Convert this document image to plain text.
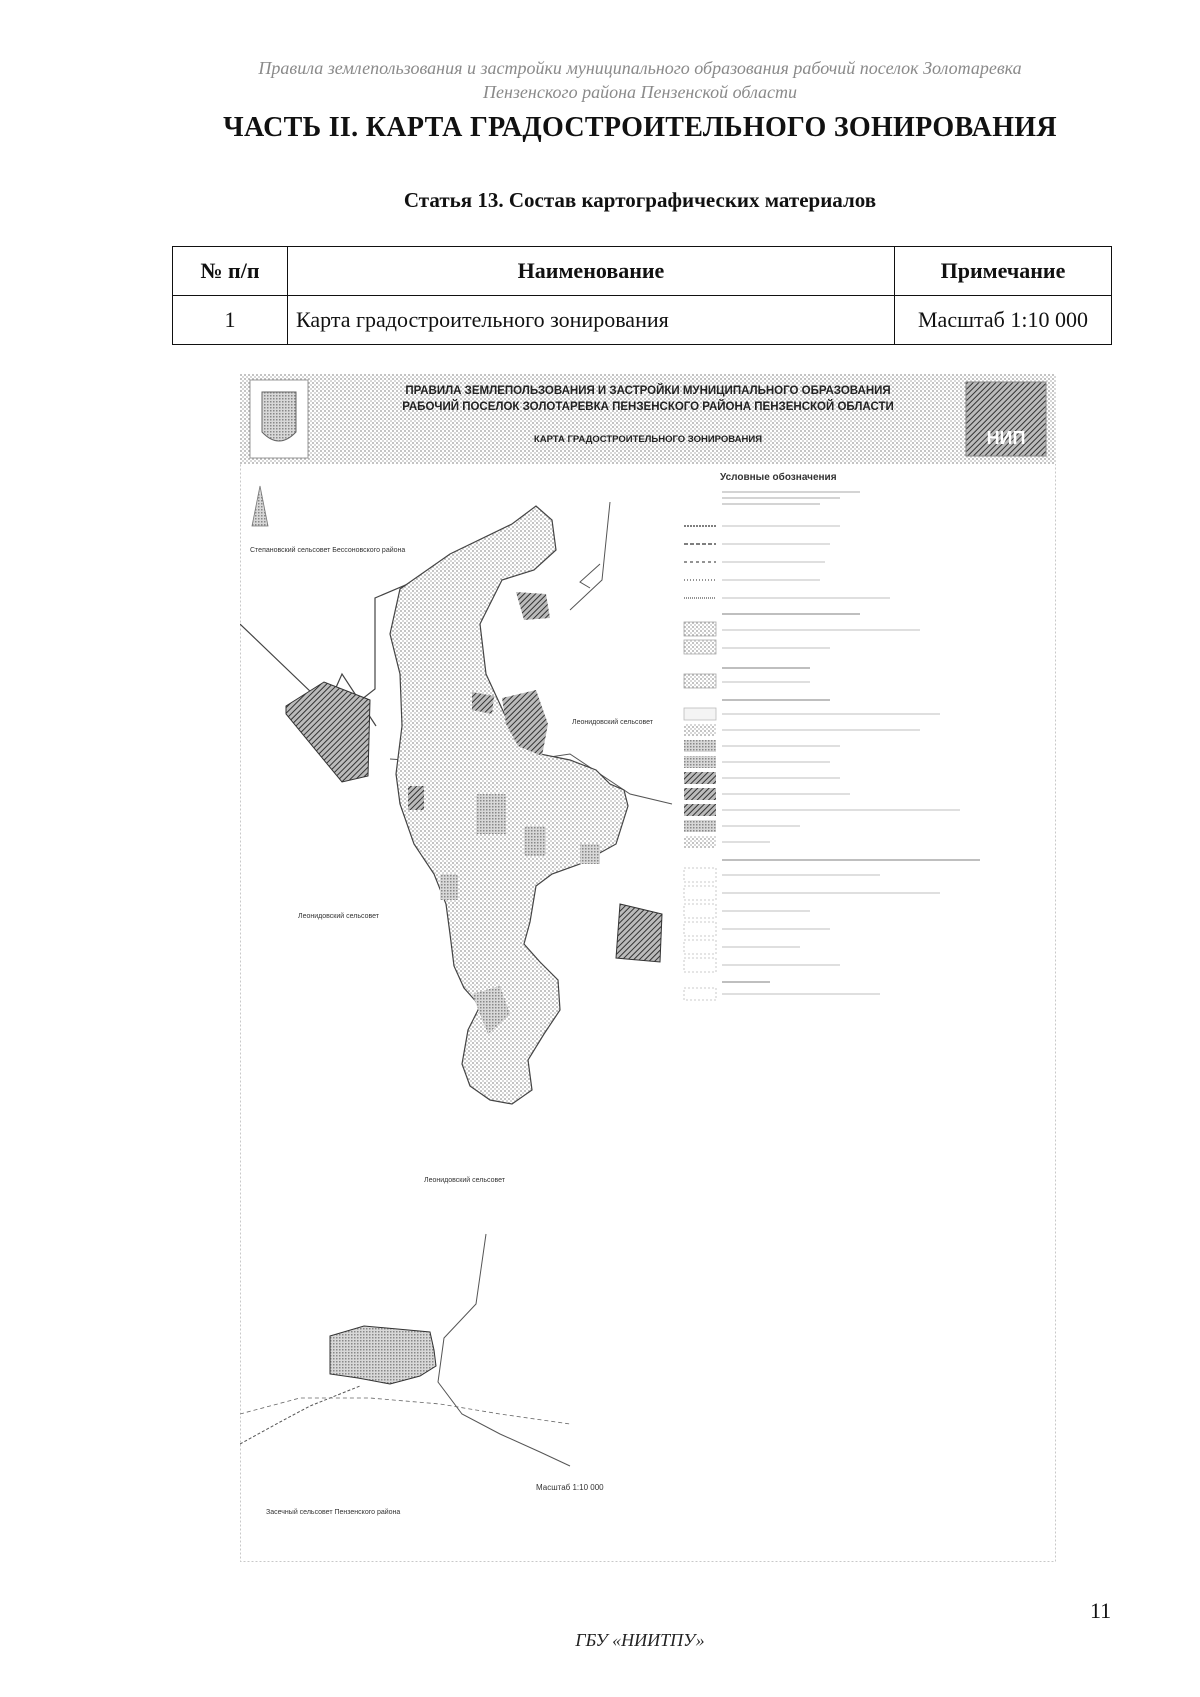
Правила землепользования и застройки муниципального образования рабочий поселок Золотаревка
Пензенского района Пензенской области
ЧАСТЬ II. КАРТА ГРАДОСТРОИТЕЛЬНОГО ЗОНИРОВАНИЯ
Статья 13. Состав картографических материалов
№ п/п	Наименование	Примечание
1	Карта градостроительного зонирования	Масштаб 1:10 000
НИП
ПРАВИЛА ЗЕМЛЕПОЛЬЗОВАНИЯ И ЗАСТРОЙКИ МУНИЦИПАЛЬНОГО ОБРАЗОВАНИЯ
РАБОЧИЙ ПОСЕЛОК ЗОЛОТАРЕВКА ПЕНЗЕНСКОГО РАЙОНА ПЕНЗЕНСКОЙ ОБЛАСТИ
КАРТА ГРАДОСТРОИТЕЛЬНОГО ЗОНИРОВАНИЯ
Степановский сельсовет Бессоновского района
Леонидовский сельсовет
Леонидовский сельсовет
Леонидовский сельсовет
Засечный сельсовет Пензенского района
Масштаб 1:10 000
Условные обозначения
11
ГБУ «НИИТПУ»
